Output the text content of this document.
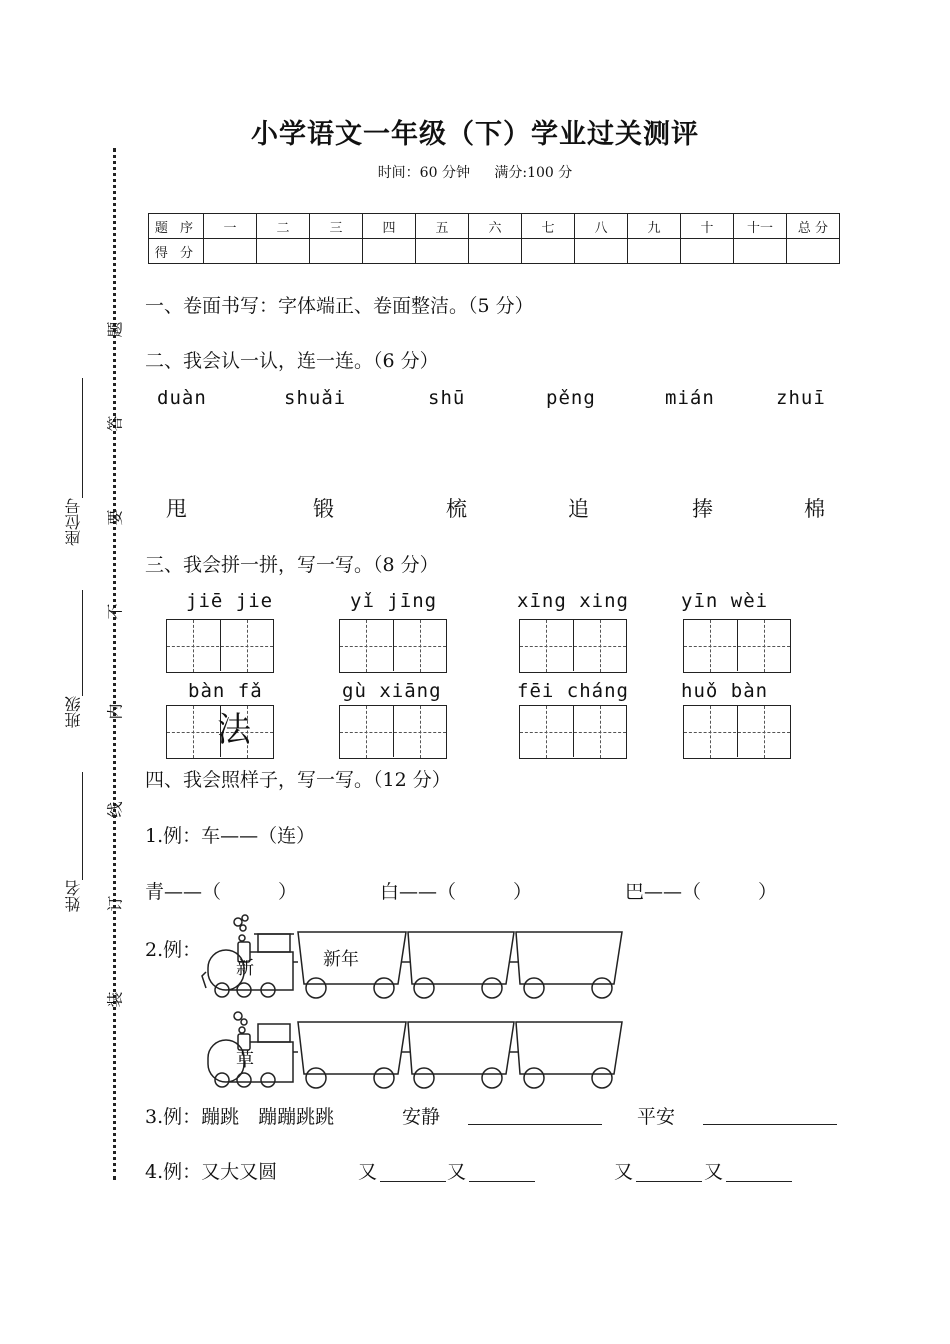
座位号
班级
姓名
题
答
要
不
内
线
订
装
小学语文一年级（下）学业过关测评
时间：60 分钟 满分:100 分
题 序	一	二	三	四	五	六	七	八	九	十	十一	总 分
得 分												
一、卷面书写：字体端正、卷面整洁。（5 分）
二、我会认一认，连一连。（6 分）
duàn	shuǎi	shū	pěng	mián	zhuī
甩	锻	梳	追	捧	棉
三、我会拼一拼，写一写。（8 分）
jiē jie	yǐ jīng	xīng xing	yīn wèi
bàn fǎ	gù xiāng	fēi cháng	huǒ bàn
法
四、我会照样子，写一写。（12 分）
1.例：车——（连）
青——（　　　）	白——（　　　）	巴——（　　　）
2.例：
新	新年
草
3.例：蹦跳　蹦蹦跳跳	安静	平安
4.例：又大又圆	又	又	又	又
